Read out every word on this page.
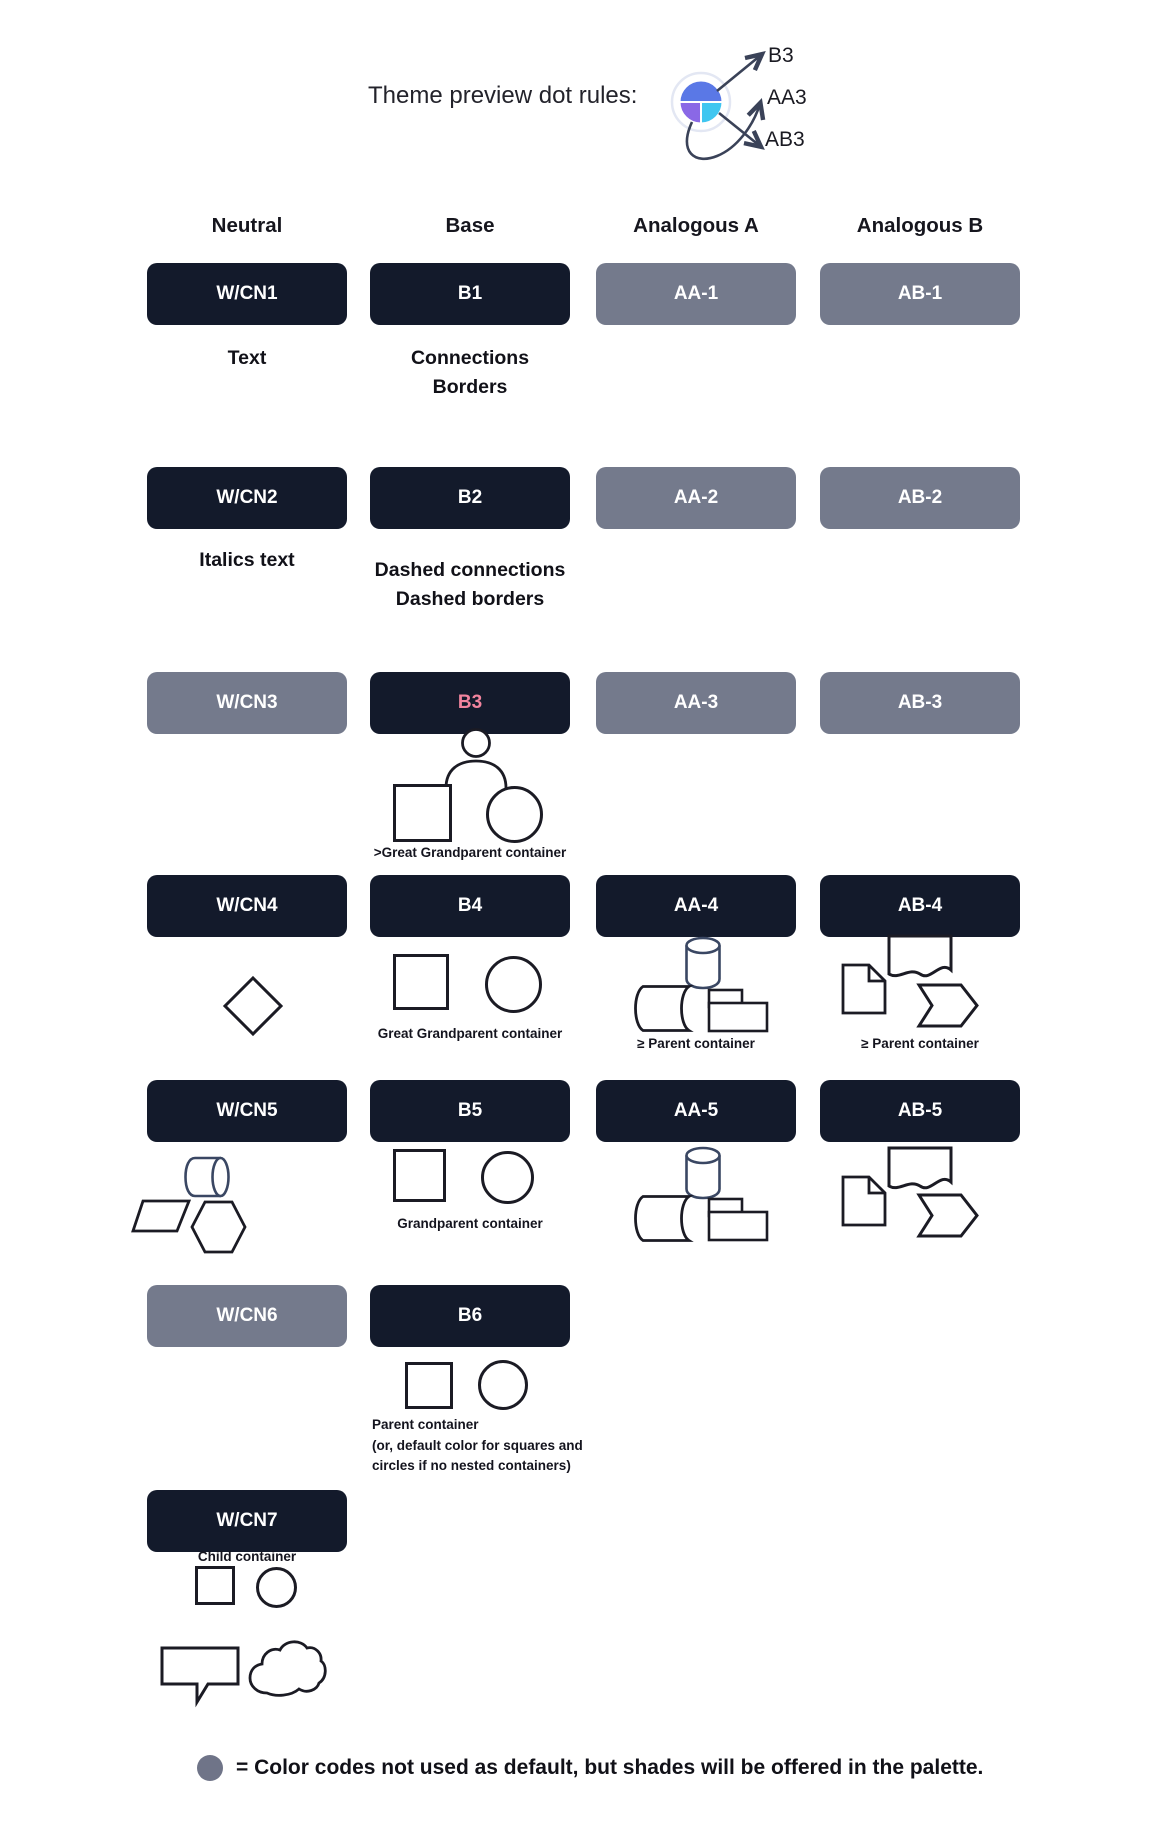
Theme preview dot rules:
B3
AA3
AB3
Neutral	Base	Analogous A	Analogous B
W/CN1	B1	AA-1	AB-1
Text	Connections
Borders
W/CN2	B2	AA-2	AB-2
Italics text	Dashed connections
Dashed borders
W/CN3	B3	AA-3	AB-3
>Great Grandparent container
W/CN4	B4	AA-4	AB-4
Great Grandparent container
≥ Parent container	≥ Parent container
W/CN5	B5	AA-5	AB-5
Grandparent container
W/CN6	B6
Parent container
(or, default color for squares and circles if no nested containers)
W/CN7
Child container
= Color codes not used as default, but shades will be offered in the palette.
